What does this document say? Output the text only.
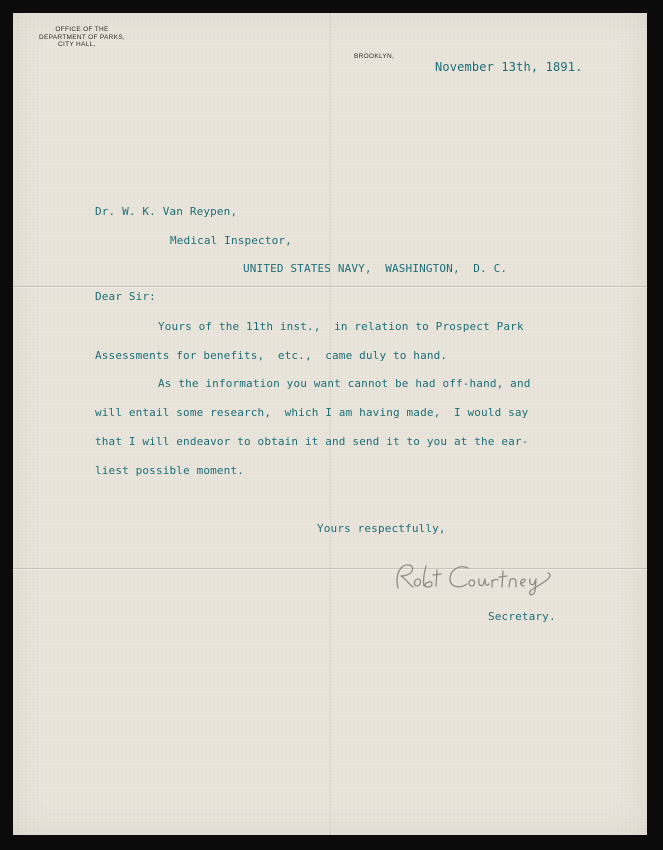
OFFICE OF THE
DEPARTMENT OF PARKS,
CITY HALL,
BROOKLYN,
November 13th, 1891.
Dr. W. K. Van Reypen,
Medical Inspector,
UNITED STATES NAVY,  WASHINGTON,  D. C.
Dear Sir:
Yours of the 11th inst.,  in relation to Prospect Park
Assessments for benefits,  etc.,  came duly to hand.
As the information you want cannot be had off-hand, and
will entail some research,  which I am having made,  I would say
that I will endeavor to obtain it and send it to you at the ear-
liest possible moment.
Yours respectfully,
Secretary.
